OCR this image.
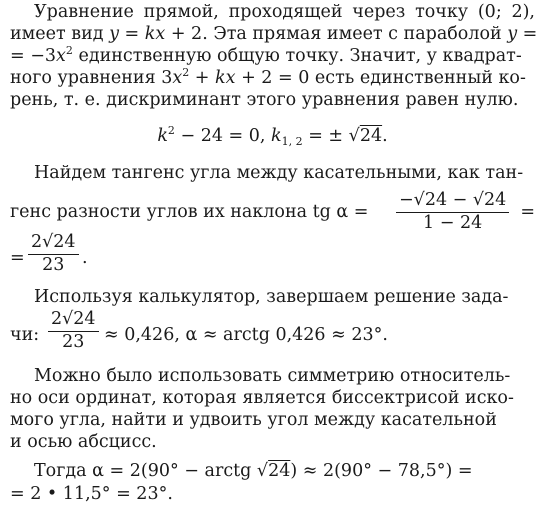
Уравнение прямой, проходящей через точку (0; 2),
имеет вид y = kx + 2. Эта прямая имеет с параболой y =
= $-3x^2$ единственную общую точку. Значит, у квадрат-
ного уравнения $3x^2$ + kx + 2 = 0 есть единственный ко-
рень, т. е. дискриминант этого уравнения равен нулю.
$k^2 - 24 = 0$, $k_{1, 2}$ = ± √24.
Найдем тангенс угла между касательными, как тан-
генс разности углов их наклона tg $\alpha = \frac{-√24 - √24}{1 - 24}$ =
= $\frac{2√24}{23}$ .
Используя калькулятор, завершаем решение зада-
чи: $\frac{2√24}{23} \approx 0,426$, α ≈ arctg 0,426 ≈ 23°.
Можно было использовать симметрию относитель-
но оси ординат, которая является биссектрисой иско-
мого угла, найти и удвоить угол между касательной
и осью абсцисс.
Тогда α = 2(90° − arctg √24) ≈ 2(90° − 78,5°) =
= 2 • 11,5° = 23°.
